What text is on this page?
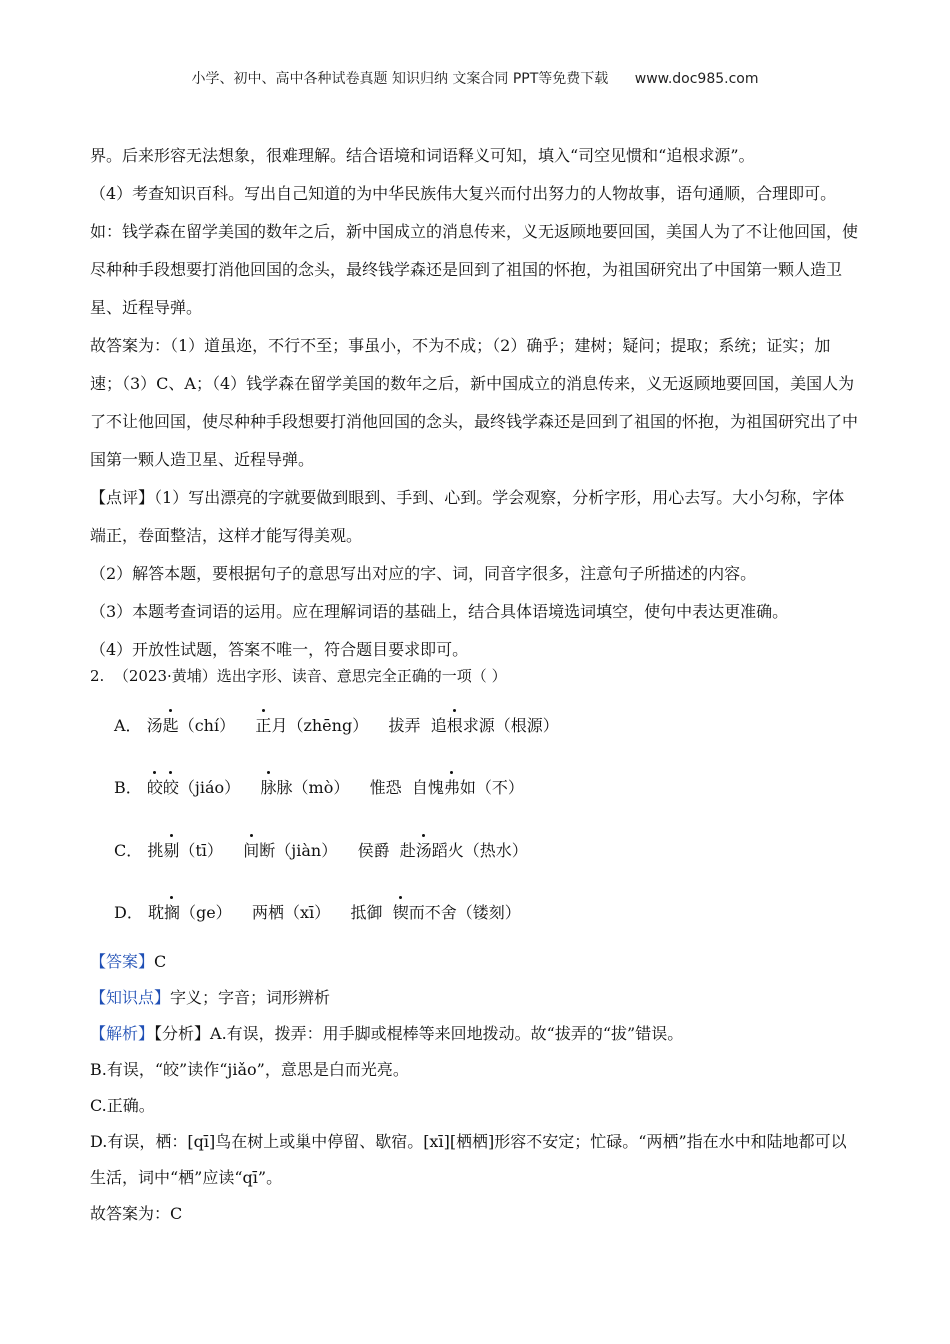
小学、初中、高中各种试卷真题 知识归纳 文案合同 PPT等免费下载 www.doc985.com
界。后来形容无法想象，很难理解。结合语境和词语释义可知，填入“司空见惯和“追根求源”。
（4）考查知识百科。写出自己知道的为中华民族伟大复兴而付出努力的人物故事，语句通顺，合理即可。如：钱学森在留学美国的数年之后，新中国成立的消息传来，义无返顾地要回国，美国人为了不让他回国，使尽种种手段想要打消他回国的念头，最终钱学森还是回到了祖国的怀抱，为祖国研究出了中国第一颗人造卫星、近程导弹。
故答案为：（1）道虽迩，不行不至；事虽小，不为不成；（2）确乎；建树；疑问；提取；系统；证实；加速；（3）C、A；（4）钱学森在留学美国的数年之后，新中国成立的消息传来，义无返顾地要回国，美国人为了不让他回国，使尽种种手段想要打消他回国的念头，最终钱学森还是回到了祖国的怀抱，为祖国研究出了中国第一颗人造卫星、近程导弹。
【点评】（1）写出漂亮的字就要做到眼到、手到、心到。学会观察，分析字形，用心去写。大小匀称，字体端正，卷面整洁，这样才能写得美观。
（2）解答本题，要根据句子的意思写出对应的字、词，同音字很多，注意句子所描述的内容。
（3）本题考查词语的运用。应在理解词语的基础上，结合具体语境选词填空，使句中表达更准确。
（4）开放性试题，答案不唯一，符合题目要求即可。
2. （2023·黄埔）选出字形、读音、意思完全正确的一项（ ）
A． 汤匙（chí） 正月（zhēng） 拔弄 追根求源（根源）
B． 皎皎（jiáo） 脉脉（mò） 惟恐 自愧弗如（不）
C． 挑剔（tī） 间断（jiàn） 侯爵 赴汤蹈火（热水）
D． 耽搁（ge） 两栖（xī） 抵御 锲而不舍（镂刻）
【答案】C
【知识点】字义；字音；词形辨析
【解析】【分析】A.有误，拨弄：用手脚或棍棒等来回地拨动。故“拔弄的“拔”错误。
B.有误，“皎”读作“jiǎo”，意思是白而光亮。
C.正确。
D.有误，栖：[qī]鸟在树上或巢中停留、歇宿。[xī][栖栖]形容不安定；忙碌。“两栖”指在水中和陆地都可以生活，词中“栖”应读“qī”。
故答案为：C
